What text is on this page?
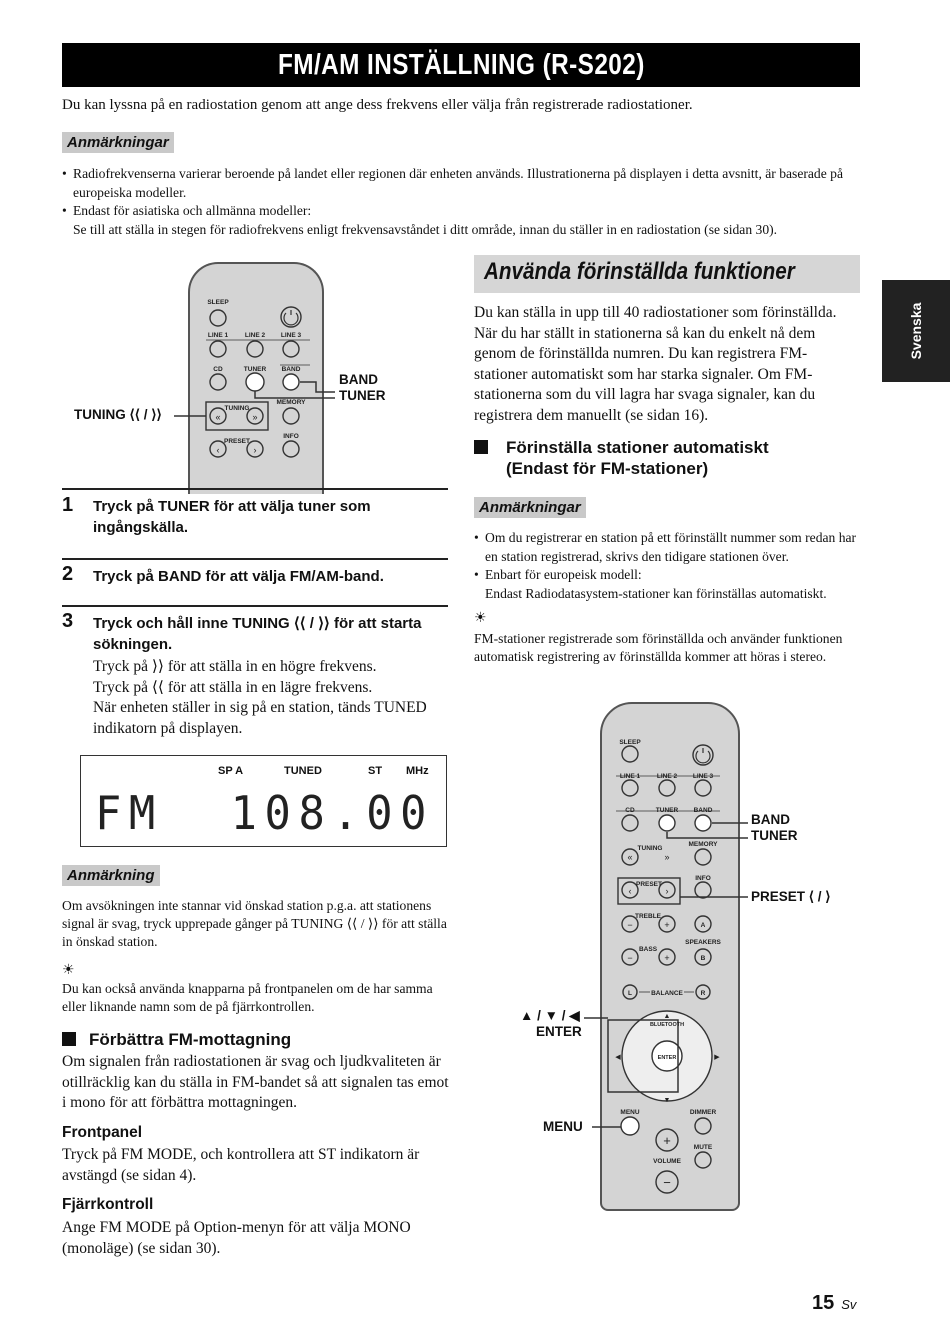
FM/AM INSTÄLLNING (R-S202)
Du kan lyssna på en radiostation genom att ange dess frekvens eller välja från registrerade radiostationer.
Anmärkningar
• Radiofrekvenserna varierar beroende på landet eller regionen där enheten används. Illustrationerna på displayen i detta avsnitt, är baserade på europeiska modeller.
• Endast för asiatiska och allmänna modeller:
Se till att ställa in stegen för radiofrekvens enligt frekvensavståndet i ditt område, innan du ställer in en radiostation (se sidan 30).
Svenska
SLEEP
LINE 1	LINE 2 LINE 3
CD	TUNER BAND
TUNING
MEMORY
PRESET
INFO
«	»
‹	›
BAND
TUNER
TUNING ⟨⟨ / ⟩⟩
1 Tryck på TUNER för att välja tuner som ingångskälla.
2 Tryck på BAND för att välja FM/AM-band.
3 Tryck och håll inne TUNING ⟨⟨ / ⟩⟩ för att starta sökningen.
Tryck på ⟩⟩ för att ställa in en högre frekvens.
Tryck på ⟨⟨ för att ställa in en lägre frekvens.
När enheten ställer in sig på en station, tänds TUNED indikatorn på displayen.
SP A	TUNED	ST MHz
FM  108.00
Anmärkning
Om avsökningen inte stannar vid önskad station p.g.a. att stationens signal är svag, tryck upprepade gånger på TUNING ⟨⟨ / ⟩⟩ för att ställa in önskad station.
☀
Du kan också använda knapparna på frontpanelen om de har samma eller liknande namn som de på fjärrkontrollen.
Förbättra FM-mottagning
Om signalen från radiostationen är svag och ljudkvaliteten är otillräcklig kan du ställa in FM-bandet så att signalen tas emot i mono för att förbättra mottagningen.
Frontpanel
Tryck på FM MODE, och kontrollera att ST indikatorn är avstängd (se sidan 4).
Fjärrkontroll
Ange FM MODE på Option-menyn för att välja MONO (monoläge) (se sidan 30).
Använda förinställda funktioner
Du kan ställa in upp till 40 radiostationer som förinställda. När du har ställt in stationerna så kan du enkelt nå dem genom de förinställda numren. Du kan registrera FM-stationer automatiskt som har starka signaler. Om FM-stationerna som du vill lagra har svaga signaler, kan du registrera dem manuellt (se sidan 16).
Förinställa stationer automatiskt
(Endast för FM-stationer)
Anmärkningar
• Om du registrerar en station på ett förinställt nummer som redan har en station registrerad, skrivs den tidigare stationen över.
• Enbart för europeisk modell:
Endast Radiodatasystem-stationer kan förinställas automatiskt.
☀
FM-stationer registrerade som förinställda och använder funktionen automatisk registrering av förinställda kommer att höras i stereo.
SLEEP
LINE 1	LINE 2 LINE 3
CD	TUNER BAND
TUNING
MEMORY
PRESET
INFO
TREBLE
BASS
SPEAKERS
A
B
L	BALANCE	R
BLUETOOTH
ENTER
MENU	DIMMER
MUTE
VOLUME
«	»
‹	›
−	+
−	+
+
−
▲
▼
◀	▶
BAND
TUNER
PRESET ⟨ / ⟩
▲ / ▼ / ◀
ENTER
MENU
15 Sv
